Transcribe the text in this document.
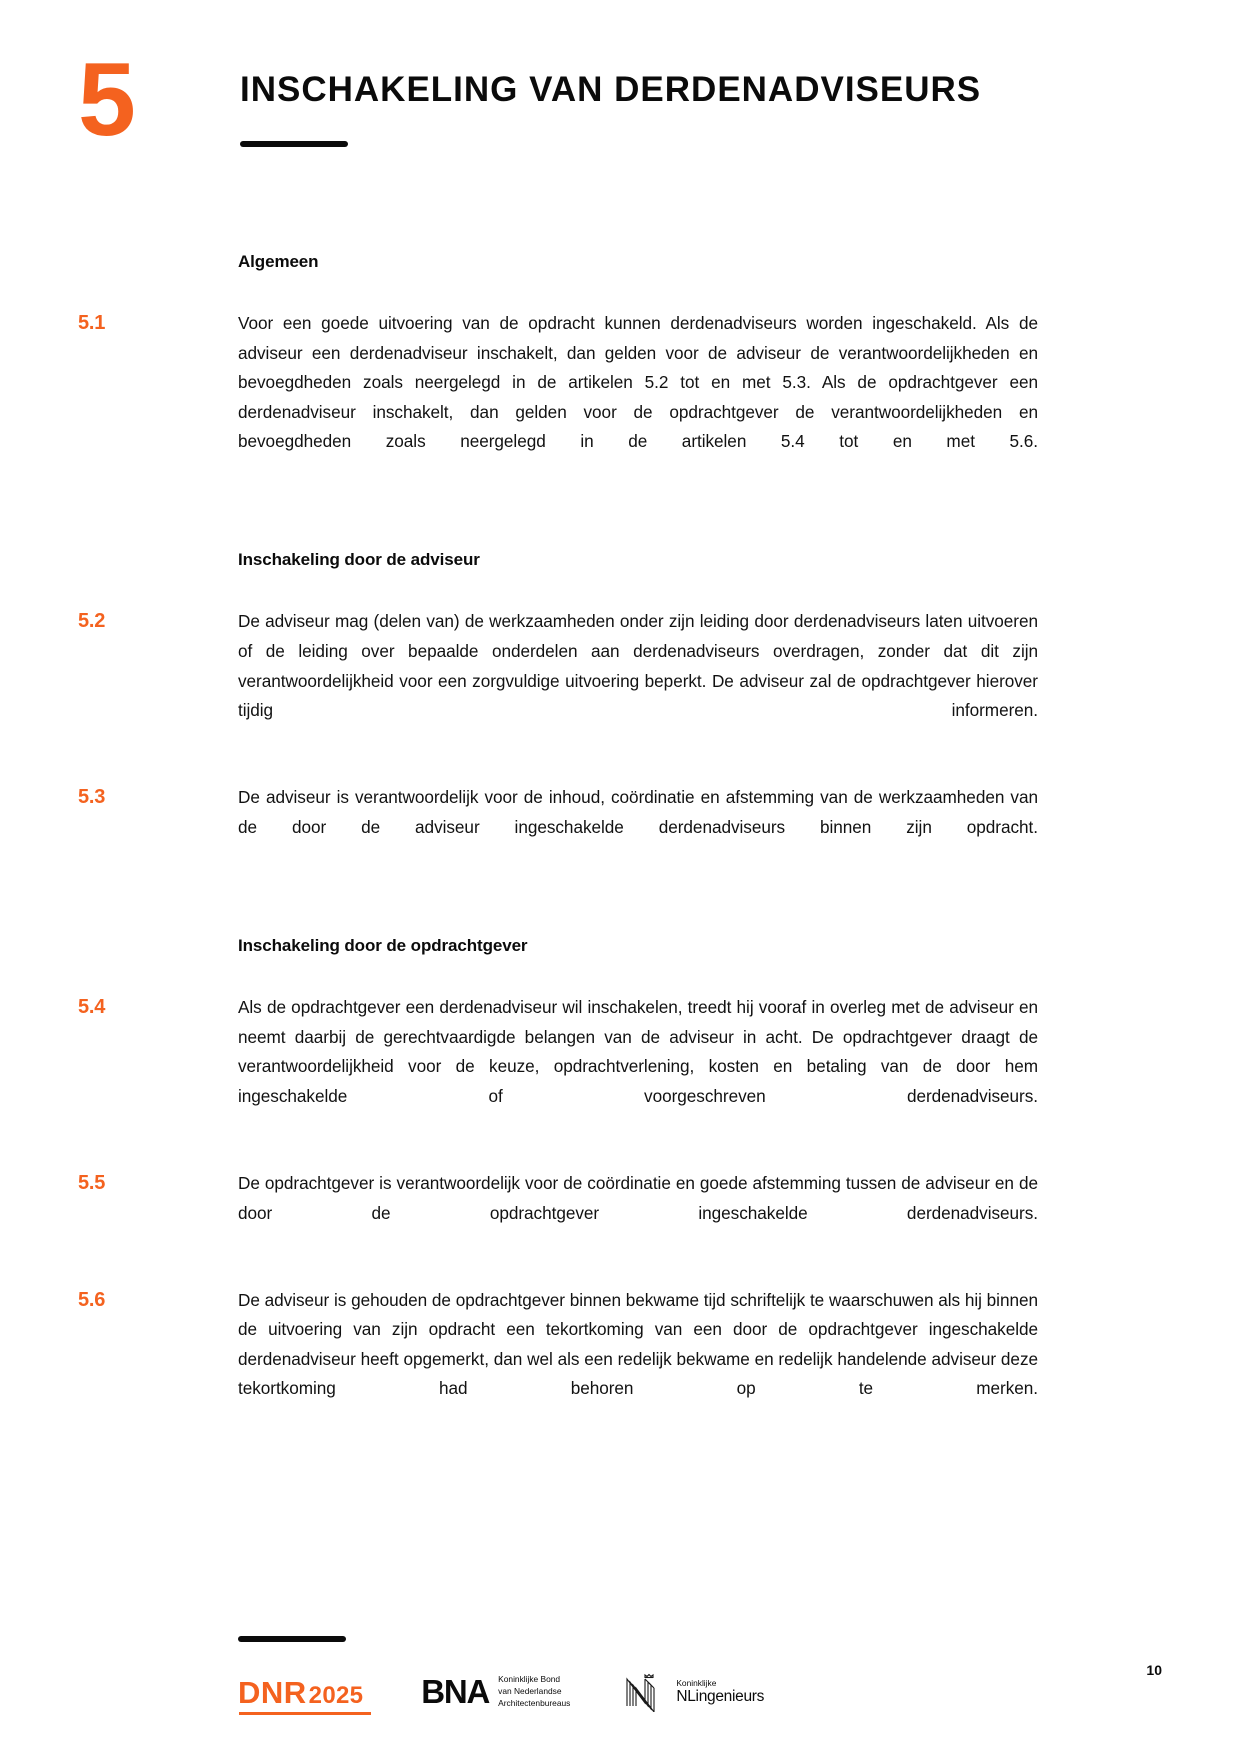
5	INSCHAKELING VAN DERDENADVISEURS
Algemeen
5.1	Voor een goede uitvoering van de opdracht kunnen derdenadviseurs worden ingeschakeld. Als de adviseur een derdenadviseur inschakelt, dan gelden voor de adviseur de verantwoordelijkheden en bevoegdheden zoals neergelegd in de artikelen 5.2 tot en met 5.3. Als de opdrachtgever een derdenadviseur inschakelt, dan gelden voor de opdrachtgever de verantwoordelijkheden en bevoegdheden zoals neergelegd in de artikelen 5.4 tot en met 5.6.
Inschakeling door de adviseur
5.2	De adviseur mag (delen van) de werkzaamheden onder zijn leiding door derdenadviseurs laten uitvoeren of de leiding over bepaalde onderdelen aan derdenadviseurs overdragen, zonder dat dit zijn verantwoordelijkheid voor een zorgvuldige uitvoering beperkt. De adviseur zal de opdrachtgever hierover tijdig informeren.
5.3	De adviseur is verantwoordelijk voor de inhoud, coördinatie en afstemming van de werkzaamheden van de door de adviseur ingeschakelde derdenadviseurs binnen zijn opdracht.
Inschakeling door de opdrachtgever
5.4	Als de opdrachtgever een derdenadviseur wil inschakelen, treedt hij vooraf in overleg met de adviseur en neemt daarbij de gerechtvaardigde belangen van de adviseur in acht. De opdrachtgever draagt de verantwoordelijkheid voor de keuze, opdrachtverlening, kosten en betaling van de door hem ingeschakelde of voorgeschreven derdenadviseurs.
5.5	De opdrachtgever is verantwoordelijk voor de coördinatie en goede afstemming tussen de adviseur en de door de opdrachtgever ingeschakelde derdenadviseurs.
5.6	De adviseur is gehouden de opdrachtgever binnen bekwame tijd schriftelijk te waarschuwen als hij binnen de uitvoering van zijn opdracht een tekortkoming van een door de opdrachtgever ingeschakelde derdenadviseur heeft opgemerkt, dan wel als een redelijk bekwame en redelijk handelende adviseur deze tekortkoming had behoren op te merken.
DNR 2025 BNA Koninklijke Bond
van Nederlandse
Architectenbureaus
Koninklijke
NLingenieurs
10
